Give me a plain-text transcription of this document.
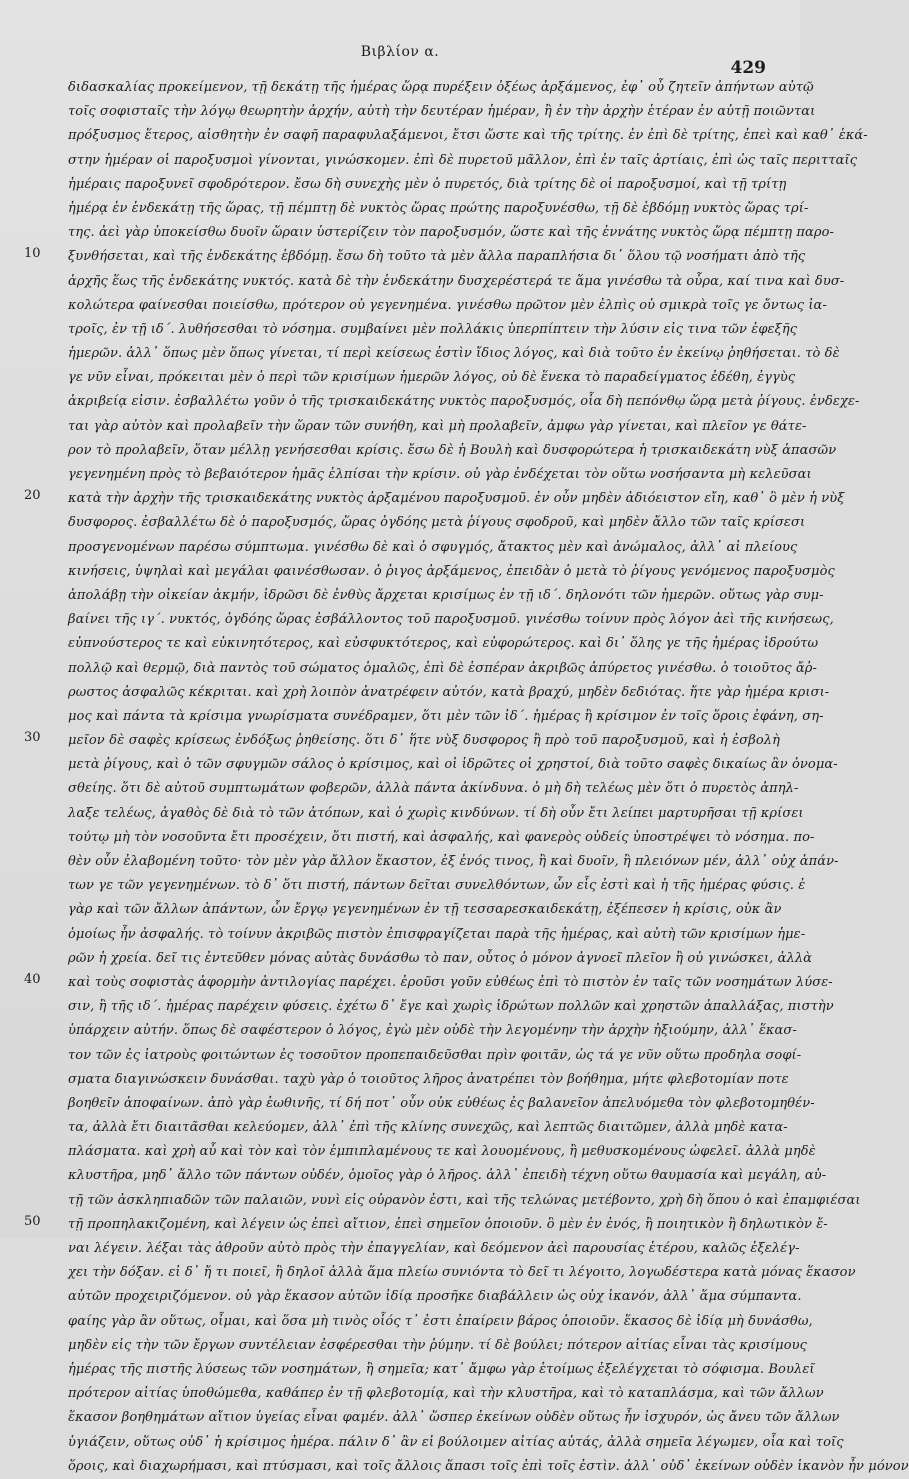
Βιβλίον α.
429
10
20
30
40
50
διδασκαλίας προκείμενον, τῇ δεκάτῃ τῆς ἡμέρας ὥρᾳ πυρέξειν ὀξέως ἀρξάμενος, ἐφ᾽ οὗ ζητεῖν ἀπήντων αὐτῷ
τοῖς σοφισταῖς τὴν λόγῳ θεωρητὴν ἀρχήν, αὐτὴ τὴν δευτέραν ἡμέραν, ἢ ἐν τὴν ἀρχὴν ἑτέραν ἐν αὐτῇ ποιῶνται
πρόξυσμος ἕτερος, αἰσθητὴν ἐν σαφῆ παραφυλαξάμενοι, ἔτσι ὥστε καὶ τῆς τρίτης. ἐν ἐπὶ δὲ τρίτης, ἐπεὶ καὶ καθ᾽ ἑκά-
στην ἡμέραν οἱ παροξυσμοὶ γίνονται, γινώσκομεν. ἐπὶ δὲ πυρετοῦ μᾶλλον, ἐπὶ ἐν ταῖς ἀρτίαις, ἐπὶ ὡς ταῖς περιτταῖς
ἡμέραις παροξυνεῖ σφοδρότερον. ἔσω δὴ συνεχὴς μὲν ὁ πυρετός, διὰ τρίτης δὲ οἱ παροξυσμοί, καὶ τῇ τρίτῃ
ἡμέρᾳ ἐν ἑνδεκάτῃ τῆς ὥρας, τῇ πέμπτῃ δὲ νυκτὸς ὥρας πρώτης παροξυνέσθω, τῇ δὲ ἑβδόμῃ νυκτὸς ὥρας τρί-
της. ἀεὶ γὰρ ὑποκείσθω δυοῖν ὥραιν ὑστερίζειν τὸν παροξυσμόν, ὥστε καὶ τῆς ἐννάτης νυκτὸς ὥρᾳ πέμπτῃ παρο-
ξυνθήσεται, καὶ τῆς ἑνδεκάτης ἑβδόμῃ. ἔσω δὴ τοῦτο τὰ μὲν ἄλλα παραπλήσια δι᾽ ὅλου τῷ νοσήματι ἀπὸ τῆς
ἀρχῆς ἕως τῆς ἑνδεκάτης νυκτός. κατὰ δὲ τὴν ἑνδεκάτην δυσχερέστερά τε ἅμα γινέσθω τὰ οὖρα, καί τινα καὶ δυσ-
κολώτερα φαίνεσθαι ποιείσθω, πρότερον οὐ γεγενημένα. γινέσθω πρῶτον μὲν ἐλπὶς οὐ σμικρὰ τοῖς γε ὄντως ἰα-
τροῖς, ἐν τῇ ιδ΄. λυθήσεσθαι τὸ νόσημα. συμβαίνει μὲν πολλάκις ὑπερπίπτειν τὴν λύσιν εἰς τινα τῶν ἐφεξῆς
ἡμερῶν. ἀλλ᾽ ὅπως μὲν ὅπως γίνεται, τί περὶ κείσεως ἐστὶν ἴδιος λόγος, καὶ διὰ τοῦτο ἐν ἐκείνῳ ῥηθήσεται. τὸ δὲ
γε νῦν εἶναι, πρόκειται μὲν ὁ περὶ τῶν κρισίμων ἡμερῶν λόγος, οὐ δὲ ἕνεκα τὸ παραδείγματος ἐδέθη, ἐγγὺς
ἀκριβείᾳ εἰσιν. ἐσβαλλέτω γοῦν ὁ τῆς τρισκαιδεκάτης νυκτὸς παροξυσμός, οἷα δὴ πεπόνθῳ ὥρᾳ μετὰ ῥίγους. ἐνδεχε-
ται γὰρ αὐτὸν καὶ προλαβεῖν τὴν ὥραν τῶν συνήθη, καὶ μὴ προλαβεῖν, ἀμφω γὰρ γίνεται, καὶ πλεῖον γε θάτε-
ρον τὸ προλαβεῖν, ὅταν μέλλῃ γενήσεσθαι κρίσις. ἔσω δὲ ἡ Βουλὴ καὶ δυσφορώτερα ἡ τρισκαιδεκάτη νὺξ ἁπασῶν
γεγενημένη πρὸς τὸ βεβαιότερον ἡμᾶς ἐλπίσαι τὴν κρίσιν. οὐ γὰρ ἐνδέχεται τὸν οὕτω νοσήσαντα μὴ κελεῦσαι
κατὰ τὴν ἀρχὴν τῆς τρισκαιδεκάτης νυκτὸς ἀρξαμένου παροξυσμοῦ. ἐν οὖν μηδὲν ἀδιόειστον εἴη, καθ᾽ ὃ μὲν ἡ νὺξ
δυσφορος. ἐσβαλλέτω δὲ ὁ παροξυσμός, ὥρας ὀγδόης μετὰ ῥίγους σφοδροῦ, καὶ μηδὲν ἄλλο τῶν ταῖς κρίσεσι
προσγενομένων παρέσω σύμπτωμα. γινέσθω δὲ καὶ ὁ σφυγμός, ἄτακτος μὲν καὶ ἀνώμαλος, ἀλλ᾽ αἱ πλείους
κινήσεις, ὑψηλαὶ καὶ μεγάλαι φαινέσθωσαν. ὁ ῥιγος ἀρξάμενος, ἐπειδὰν ὁ μετὰ τὸ ῥίγους γενόμενος παροξυσμὸς
ἀπολάβῃ τὴν οἰκείαν ἀκμήν, ἱδρῶσι δὲ ἐνθὺς ἄρχεται κρισίμως ἐν τῇ ιδ΄. δηλονότι τῶν ἡμερῶν. οὕτως γὰρ συμ-
βαίνει τῆς ιγ΄. νυκτός, ὀγδόης ὥρας ἐσβάλλοντος τοῦ παροξυσμοῦ. γινέσθω τοίνυν πρὸς λόγον ἀεὶ τῆς κινήσεως,
εὐπνούστερος τε καὶ εὐκινητότερος, καὶ εὐσφυκτότερος, καὶ εὐφορώτερος. καὶ δι᾽ ὅλης γε τῆς ἡμέρας ἱδρούτω
πολλῷ καὶ θερμῷ, διὰ παντὸς τοῦ σώματος ὁμαλῶς, ἐπὶ δὲ ἑσπέραν ἀκριβῶς ἀπύρετος γινέσθω. ὁ τοιοῦτος ἄῤ-
ρωστος ἀσφαλῶς κέκριται. καὶ χρὴ λοιπὸν ἀνατρέφειν αὐτόν, κατὰ βραχύ, μηδὲν δεδιότας. ἤτε γὰρ ἡμέρα κρισι-
μος καὶ πάντα τὰ κρίσιμα γνωρίσματα συνέδραμεν, ὅτι μὲν τῶν ἰδ΄. ἡμέρας ἢ κρίσιμον ἐν τοῖς ὅροις ἐφάνη, ση-
μεῖον δὲ σαφὲς κρίσεως ἐνδόξως ῥηθείσης. ὅτι δ᾽ ἥτε νὺξ δυσφορος ἢ πρὸ τοῦ παροξυσμοῦ, καὶ ἡ ἐσβολὴ
μετὰ ῥίγους, καὶ ὁ τῶν σφυγμῶν σάλος ὁ κρίσιμος, καὶ οἱ ἱδρῶτες οἱ χρηστοί, διὰ τοῦτο σαφὲς δικαίως ἂν ὀνομα-
σθείης. ὅτι δὲ αὐτοῦ συμπτωμάτων φοβερῶν, ἀλλὰ πάντα ἀκίνδυνα. ὁ μὴ δὴ τελέως μὲν ὅτι ὁ πυρετὸς ἀπηλ-
λαξε τελέως, ἀγαθὸς δὲ διὰ τὸ τῶν ἀτόπων, καὶ ὁ χωρὶς κινδύνων. τί δὴ οὖν ἔτι λείπει μαρτυρῆσαι τῇ κρίσει
τούτῳ μὴ τὸν νοσοῦντα ἔτι προσέχειν, ὅτι πιστή, καὶ ἀσφαλής, καὶ φανερὸς οὐδείς ὑποστρέψει τὸ νόσημα. πο-
θὲν οὖν ἐλαβομένη τοῦτο· τὸν μὲν γὰρ ἄλλον ἕκαστον, ἐξ ἐνός τινος, ἢ καὶ δυοῖν, ἢ πλειόνων μέν, ἀλλ᾽ οὐχ ἁπάν-
των γε τῶν γεγενημένων. τὸ δ᾽ ὅτι πιστή, πάντων δεῖται συνελθόντων, ὧν εἷς ἐστὶ καὶ ἡ τῆς ἡμέρας φύσις. ἐ
γὰρ καὶ τῶν ἄλλων ἁπάντων, ὧν ἔργῳ γεγενημένων ἐν τῇ τεσσαρεσκαιδεκάτῃ, ἐξέπεσεν ἡ κρίσις, οὐκ ἂν
ὁμοίως ἦν ἀσφαλής. τὸ τοίνυν ἀκριβῶς πιστὸν ἐπισφραγίζεται παρὰ τῆς ἡμέρας, καὶ αὐτὴ τῶν κρισίμων ἡμε-
ρῶν ἡ χρεία. δεῖ τις ἐντεῦθεν μόνας αὐτὰς δυνάσθω τὸ παν, οὗτος ὁ μόνον ἀγνοεῖ πλεῖον ἢ οὐ γινώσκει, ἀλλὰ
καὶ τοὺς σοφιστὰς ἀφορμὴν ἀντιλογίας παρέχει. ἐροῦσι γοῦν εὐθέως ἐπὶ τὸ πιστὸν ἐν ταῖς τῶν νοσημάτων λύσε-
σιν, ἢ τῆς ιδ΄. ἡμέρας παρέχειν φύσεις. ἐχέτω δ᾽ ἔγε καὶ χωρὶς ἱδρώτων πολλῶν καὶ χρηστῶν ἀπαλλάξας, πιστὴν
ὑπάρχειν αὐτήν. ὅπως δὲ σαφέστερον ὁ λόγος, ἐγὼ μὲν οὐδὲ τὴν λεγομένην τὴν ἀρχὴν ἠξιούμην, ἀλλ᾽ ἕκασ-
τον τῶν ἐς ἰατροὺς φοιτώντων ἐς τοσοῦτον προπεπαιδεῦσθαι πρὶν φοιτᾶν, ὡς τά γε νῦν οὕτω προδηλα σοφί-
σματα διαγινώσκειν δυνάσθαι. ταχὺ γὰρ ὁ τοιοῦτος λῆρος ἀνατρέπει τὸν βοήθημα, μήτε φλεβοτομίαν ποτε
βοηθεῖν ἀποφαίνων. ἀπὸ γὰρ ἑωθινῆς, τί δή ποτ᾽ οὖν οὐκ εὐθέως ἐς βαλανεῖον ἀπελυόμεθα τὸν φλεβοτομηθέν-
τα, ἀλλὰ ἔτι διαιτᾶσθαι κελεύομεν, ἀλλ᾽ ἐπὶ τῆς κλίνης συνεχῶς, καὶ λεπτῶς διαιτῶμεν, ἀλλὰ μηδὲ κατα-
πλάσματα. καὶ χρὴ αὖ καὶ τὸν καὶ τὸν ἐμπιπλαμένους τε καὶ λουομένους, ἢ μεθυσκομένους ὠφελεῖ. ἀλλὰ μηδὲ
κλυστῆρα, μηδ᾽ ἄλλο τῶν πάντων οὐδέν, ὁμοῖος γὰρ ὁ λῆρος. ἀλλ᾽ ἐπειδὴ τέχνη οὕτω θαυμασία καὶ μεγάλη, αὐ-
τῇ τῶν ἀσκληπιαδῶν τῶν παλαιῶν, νυνὶ εἰς οὐρανὸν ἐστι, καὶ τῆς τελώνας μετέβοντο, χρὴ δὴ ὅπου ὁ καὶ ἐπαμφιέσαι
τῇ προπηλακιζομένη, καὶ λέγειν ὡς ἐπεὶ αἴτιον, ἐπεὶ σημεῖον ὁποιοῦν. ὃ μὲν ἐν ἐνός, ἢ ποιητικὸν ἢ δηλωτικὸν ἔ-
ναι λέγειν. λέξαι τὰς ἀθροῦν αὐτὸ πρὸς τὴν ἐπαγγελίαν, καὶ δεόμενον ἀεὶ παρουσίας ἑτέρου, καλῶς ἐξελέγ-
χει τὴν δόξαν. εἰ δ᾽ ἤ τι ποιεῖ, ἢ δηλοῖ ἀλλὰ ἅμα πλείω συνιόντα τὸ δεῖ τι λέγοιτο, λογωδέστερα κατὰ μόνας ἕκασον
αὐτῶν προχειριζόμενον. οὐ γὰρ ἕκασον αὐτῶν ἰδίᾳ προσῆκε διαβάλλειν ὡς οὐχ ἱκανόν, ἀλλ᾽ ἅμα σύμπαντα.
φαίης γὰρ ἂν οὕτως, οἶμαι, καὶ ὅσα μὴ τινὸς οἷός τ᾽ ἐστι ἐπαίρειν βάρος ὁποιοῦν. ἕκασος δὲ ἰδίᾳ μὴ δυνάσθω,
μηδὲν εἰς τὴν τῶν ἔργων συντέλειαν ἐσφέρεσθαι τὴν ῥύμην. τί δὲ βούλει; πότερον αἰτίας εἶναι τὰς κρισίμους
ἡμέρας τῆς πιστῆς λύσεως τῶν νοσημάτων, ἢ σημεῖα; κατ᾽ ἄμφω γὰρ ἑτοίμως ἐξελέγχεται τὸ σόφισμα. Βουλεῖ
πρότερον αἰτίας ὑποθώμεθα, καθάπερ ἐν τῇ φλεβοτομίᾳ, καὶ τὴν κλυστῆρα, καὶ τὸ καταπλάσμα, καὶ τῶν ἄλλων
ἕκασον βοηθημάτων αἴτιον ὑγείας εἶναι φαμέν. ἀλλ᾽ ὥσπερ ἐκείνων οὐδὲν οὕτως ἦν ἰσχυρόν, ὡς ἄνευ τῶν ἄλλων
ὑγιάζειν, οὕτως οὐδ᾽ ἡ κρίσιμος ἡμέρα. πάλιν δ᾽ ἂν εἰ βούλοιμεν αἰτίας αὐτάς, ἀλλὰ σημεῖα λέγωμεν, οἷα καὶ τοῖς
ὅροις, καὶ διαχωρήμασι, καὶ πτύσμασι, καὶ τοῖς ἄλλοις ἅπασι τοῖς ἐπὶ τοῖς ἐστὶν. ἀλλ᾽ οὐδ᾽ ἐκείνων οὐδὲν ἱκανὸν ἦν μόνον
